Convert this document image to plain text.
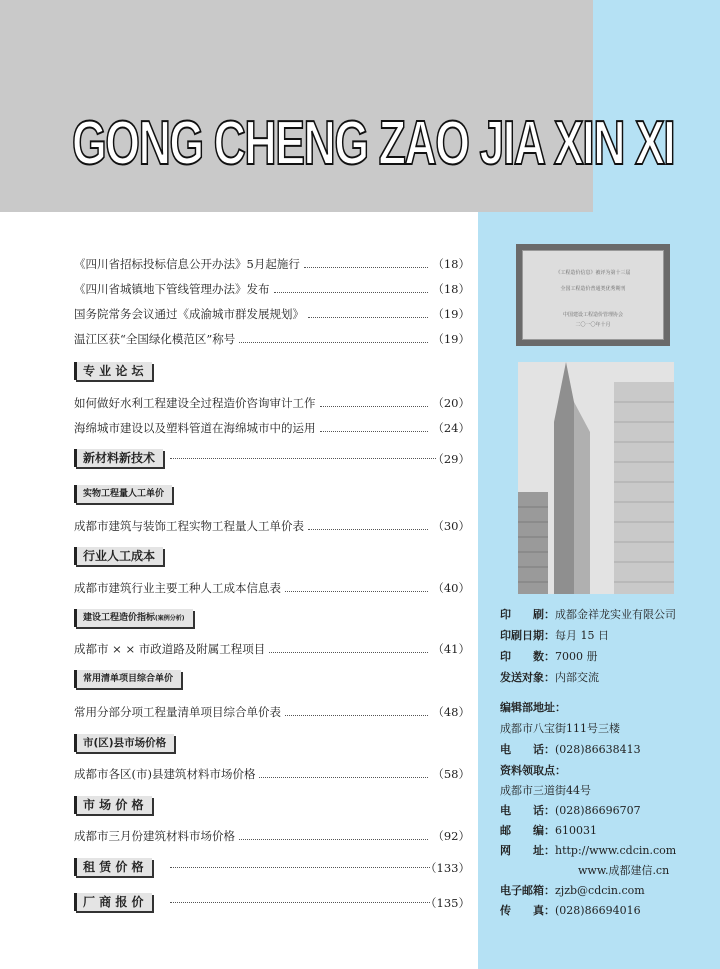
GONG CHENG ZAO JIA XIN XI
《四川省招标投标信息公开办法》5月起施行	（18）
《四川省城镇地下管线管理办法》发布	（18）
国务院常务会议通过《成渝城市群发展规划》	（19）
温江区获“全国绿化模范区”称号	（19）
专 业 论 坛
如何做好水利工程建设全过程造价咨询审计工作	（20）
海绵城市建设以及塑料管道在海绵城市中的运用	（24）
新材料新技术	（29）
实物工程量人工单价
成都市建筑与装饰工程实物工程量人工单价表	（30）
行业人工成本
成都市建筑行业主要工种人工成本信息表	（40）
建设工程造价指标(案例分析)
成都市 × × 市政道路及附属工程项目	（41）
常用清单项目综合单价
常用分部分项工程量清单项目综合单价表	（48）
市(区)县市场价格
成都市各区(市)县建筑材料市场价格	（58）
市 场 价 格
成都市三月份建筑材料市场价格	（92）
租 赁 价 格	（133）
厂 商 报 价	（135）
《工程造价信息》被评为第十三届
全国工程造价普通类优秀期刊
中国建设工程造价管理协会
二〇一〇年十月
印　　刷：成都金祥龙实业有限公司
印刷日期：每月 15 日
印　　数：7000 册
发送对象：内部交流
编辑部地址：
成都市八宝街111号三楼
电　　话：(028)86638413
资料领取点：
成都市三道街44号
电　　话：(028)86696707
邮　　编：610031
网　　址：http://www.cdcin.com
www.成都建信.cn
电子邮箱：zjzb@cdcin.com
传　　真：(028)86694016
